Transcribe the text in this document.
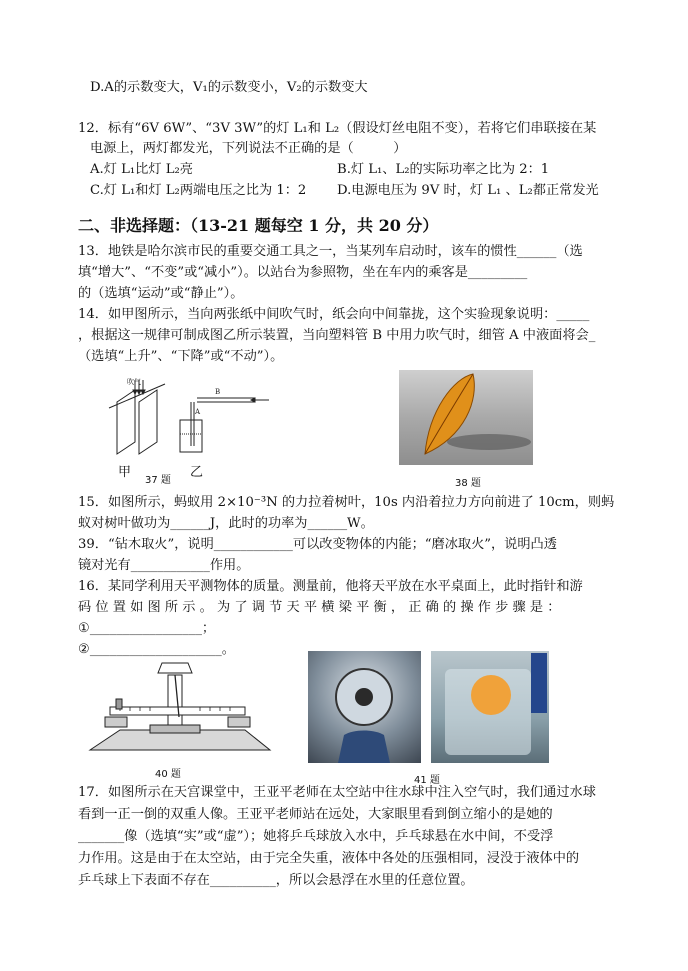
D.A的示数变大，V₁的示数变小，V₂的示数变大
12．标有“6V 6W”、“3V 3W”的灯 L₁和 L₂（假设灯丝电阻不变），若将它们串联接在某
电源上，两灯都发光，下列说法不正确的是（　　　）
A.灯 L₁比灯 L₂亮	B.灯 L₁、L₂的实际功率之比为 2：1
C.灯 L₁和灯 L₂两端电压之比为 1：2 D.电源电压为 9V 时，灯 L₁ 、L₂都正常发光
二、非选择题：（13-21 题每空 1 分，共 20 分）
13．地铁是哈尔滨市民的重要交通工具之一，当某列车启动时，该车的惯性______（选
填“增大”、“不变”或“减小”）。以站台为参照物，坐在车内的乘客是_________
的（选填“运动”或“静止”）。
14．如甲图所示，当向两张纸中间吹气时，纸会向中间靠拢，这个实验现象说明：_____
，根据这一规律可制成图乙所示装置，当向塑料管 B 中用力吹气时，细管 A 中液面将会_
（选填“上升”、“下降”或“不动”）。
吹气
A
B
甲	乙
37 题	38 题
15．如图所示，蚂蚁用 2×10⁻³N 的力拉着树叶，10s 内沿着拉力方向前进了 10cm，则蚂
蚁对树叶做功为______J，此时的功率为______W。
39．“钻木取火”，说明____________可以改变物体的内能；“磨冰取火”，说明凸透
镜对光有____________作用。
16．某同学利用天平测物体的质量。测量前，他将天平放在水平桌面上，此时指针和游
码 位 置 如 图 所 示 。 为 了 调 节 天 平 横 梁 平 衡 ， 正 确 的 操 作 步 骤 是 ：
①_________________；
②____________________。
40 题
41 题
17．如图所示在天宫课堂中，王亚平老师在太空站中往水球中注入空气时，我们通过水球
看到一正一倒的双重人像。王亚平老师站在远处，大家眼里看到倒立缩小的是她的
_______像（选填“实”或“虚”）；她将乒乓球放入水中，乒乓球悬在水中间，不受浮
力作用。这是由于在太空站，由于完全失重，液体中各处的压强相同，浸没于液体中的
乒乓球上下表面不存在__________，所以会悬浮在水里的任意位置。
